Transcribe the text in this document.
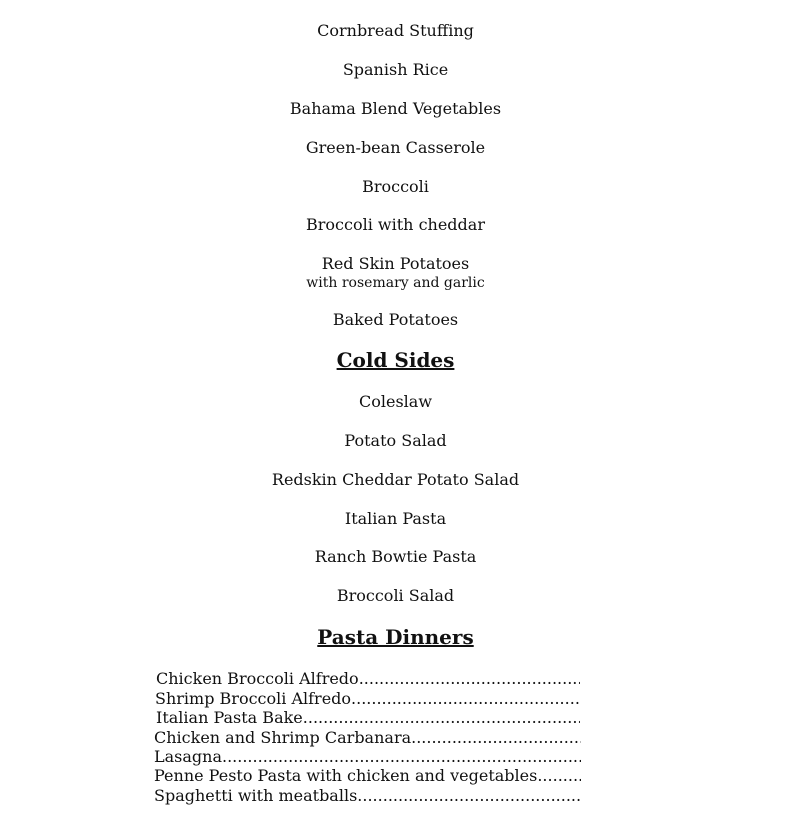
Cornbread Stuffing
Spanish Rice
Bahama Blend Vegetables
Green-bean Casserole
Broccoli
Broccoli with cheddar
Red Skin Potatoes
with rosemary and garlic
Baked Potatoes
Cold Sides
Coleslaw
Potato Salad
Redskin Cheddar Potato Salad
Italian Pasta
Ranch Bowtie Pasta
Broccoli Salad
Pasta Dinners
Chicken Broccoli Alfredo
.....
Shrimp Broccoli Alfredo
.....
Italian Pasta Bake
.....
Chicken and Shrimp Carbanara
.....
Lasagna
.....
Penne Pesto Pasta with chicken and vegetables
.....
Spaghetti with meatballs
.....
